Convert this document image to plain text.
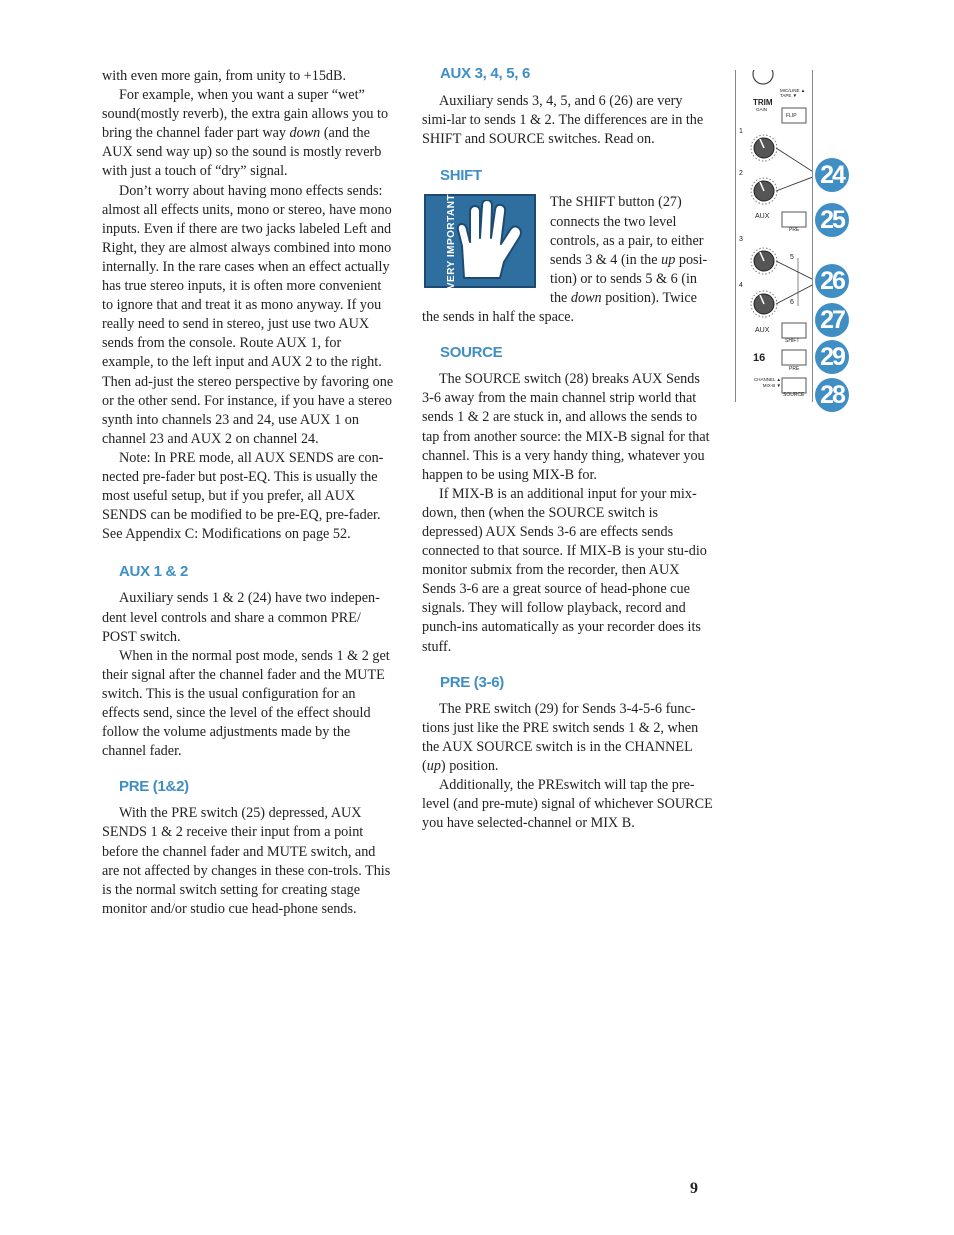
with even more gain, from unity to +15dB.

For example, when you want a super “wet” sound(mostly reverb), the extra gain allows you to bring the channel fader part way down (and the AUX send way up) so the sound is mostly reverb with just a touch of “dry” signal.

Don’t worry about having mono effects sends: almost all effects units, mono or stereo, have mono inputs. Even if there are two jacks labeled Left and Right, they are almost always combined into mono internally. In the rare cases when an effect actually has true stereo inputs, it is often more convenient to ignore that and treat it as mono anyway. If you really need to send in stereo, just use two AUX sends from the console. Route AUX 1, for example, to the left input and AUX 2 to the right. Then ad-just the stereo perspective by favoring one or the other send. For instance, if you have a stereo synth into channels 23 and 24, use AUX 1 on channel 23 and AUX 2 on channel 24.

Note: In PRE mode, all AUX SENDS are con-nected pre-fader but post-EQ. This is usually the most useful setup, but if you prefer, all AUX SENDS can be modified to be pre-EQ, pre-fader. See Appendix C: Modifications on page 52.

AUX 1 & 2

Auxiliary sends 1 & 2 (24) have two indepen-dent level controls and share a common PRE/ POST switch.

When in the normal post mode, sends 1 & 2 get their signal after the channel fader and the MUTE switch. This is the usual configuration for an effects send, since the level of the effect should follow the volume adjustments made by the channel fader.

PRE (1&2)

With the PRE switch (25) depressed, AUX SENDS 1 & 2 receive their input from a point before the channel fader and MUTE switch, and are not affected by changes in these con-trols. This is the normal switch setting for creating stage monitor and/or studio cue head-phone sends.

AUX 3, 4, 5, 6

Auxiliary sends 3, 4, 5, and 6 (26) are very simi-lar to sends 1 & 2. The differences are in the SHIFT and SOURCE switches. Read on.

SHIFT
VERY IMPORTANT	The SHIFT button (27) connects the two level controls, as a pair, to either sends 3 & 4 (in the up posi-tion) or to sends 5 & 6 (in the down position). Twice the sends in half the space.

SOURCE

The SOURCE switch (28) breaks AUX Sends 3-6 away from the main channel strip world that sends 1 & 2 are stuck in, and allows the sends to tap from another source: the MIX-B signal for that channel. This is a very handy thing, whatever you happen to be using MIX-B for.

If MIX-B is an additional input for your mix-down, then (when the SOURCE switch is depressed) AUX Sends 3-6 are effects sends connected to that source. If MIX-B is your stu-dio monitor submix from the recorder, then AUX Sends 3-6 are a great source of head-phone cue signals. They will follow playback, record and punch-ins automatically as your recorder does its stuff.

PRE (3-6)

The PRE switch (29) for Sends 3-4-5-6 func-tions just like the PRE switch sends 1 & 2, when the AUX SOURCE switch is in the CHANNEL (up) position.

Additionally, the PREswitch will tap the pre-level (and pre-mute) signal of whichever SOURCE you have selected-channel or MIX B.

TRIM
GAIN
MIC/LINE ▲ TAPE ▼
FLIP
1
2
AUX
PRE
3
4
5
6
AUX
SHIFT
16
PRE
CHANNEL ▲ MIX-B ▼
SOURCE
24
25
26
27
29
28
9
